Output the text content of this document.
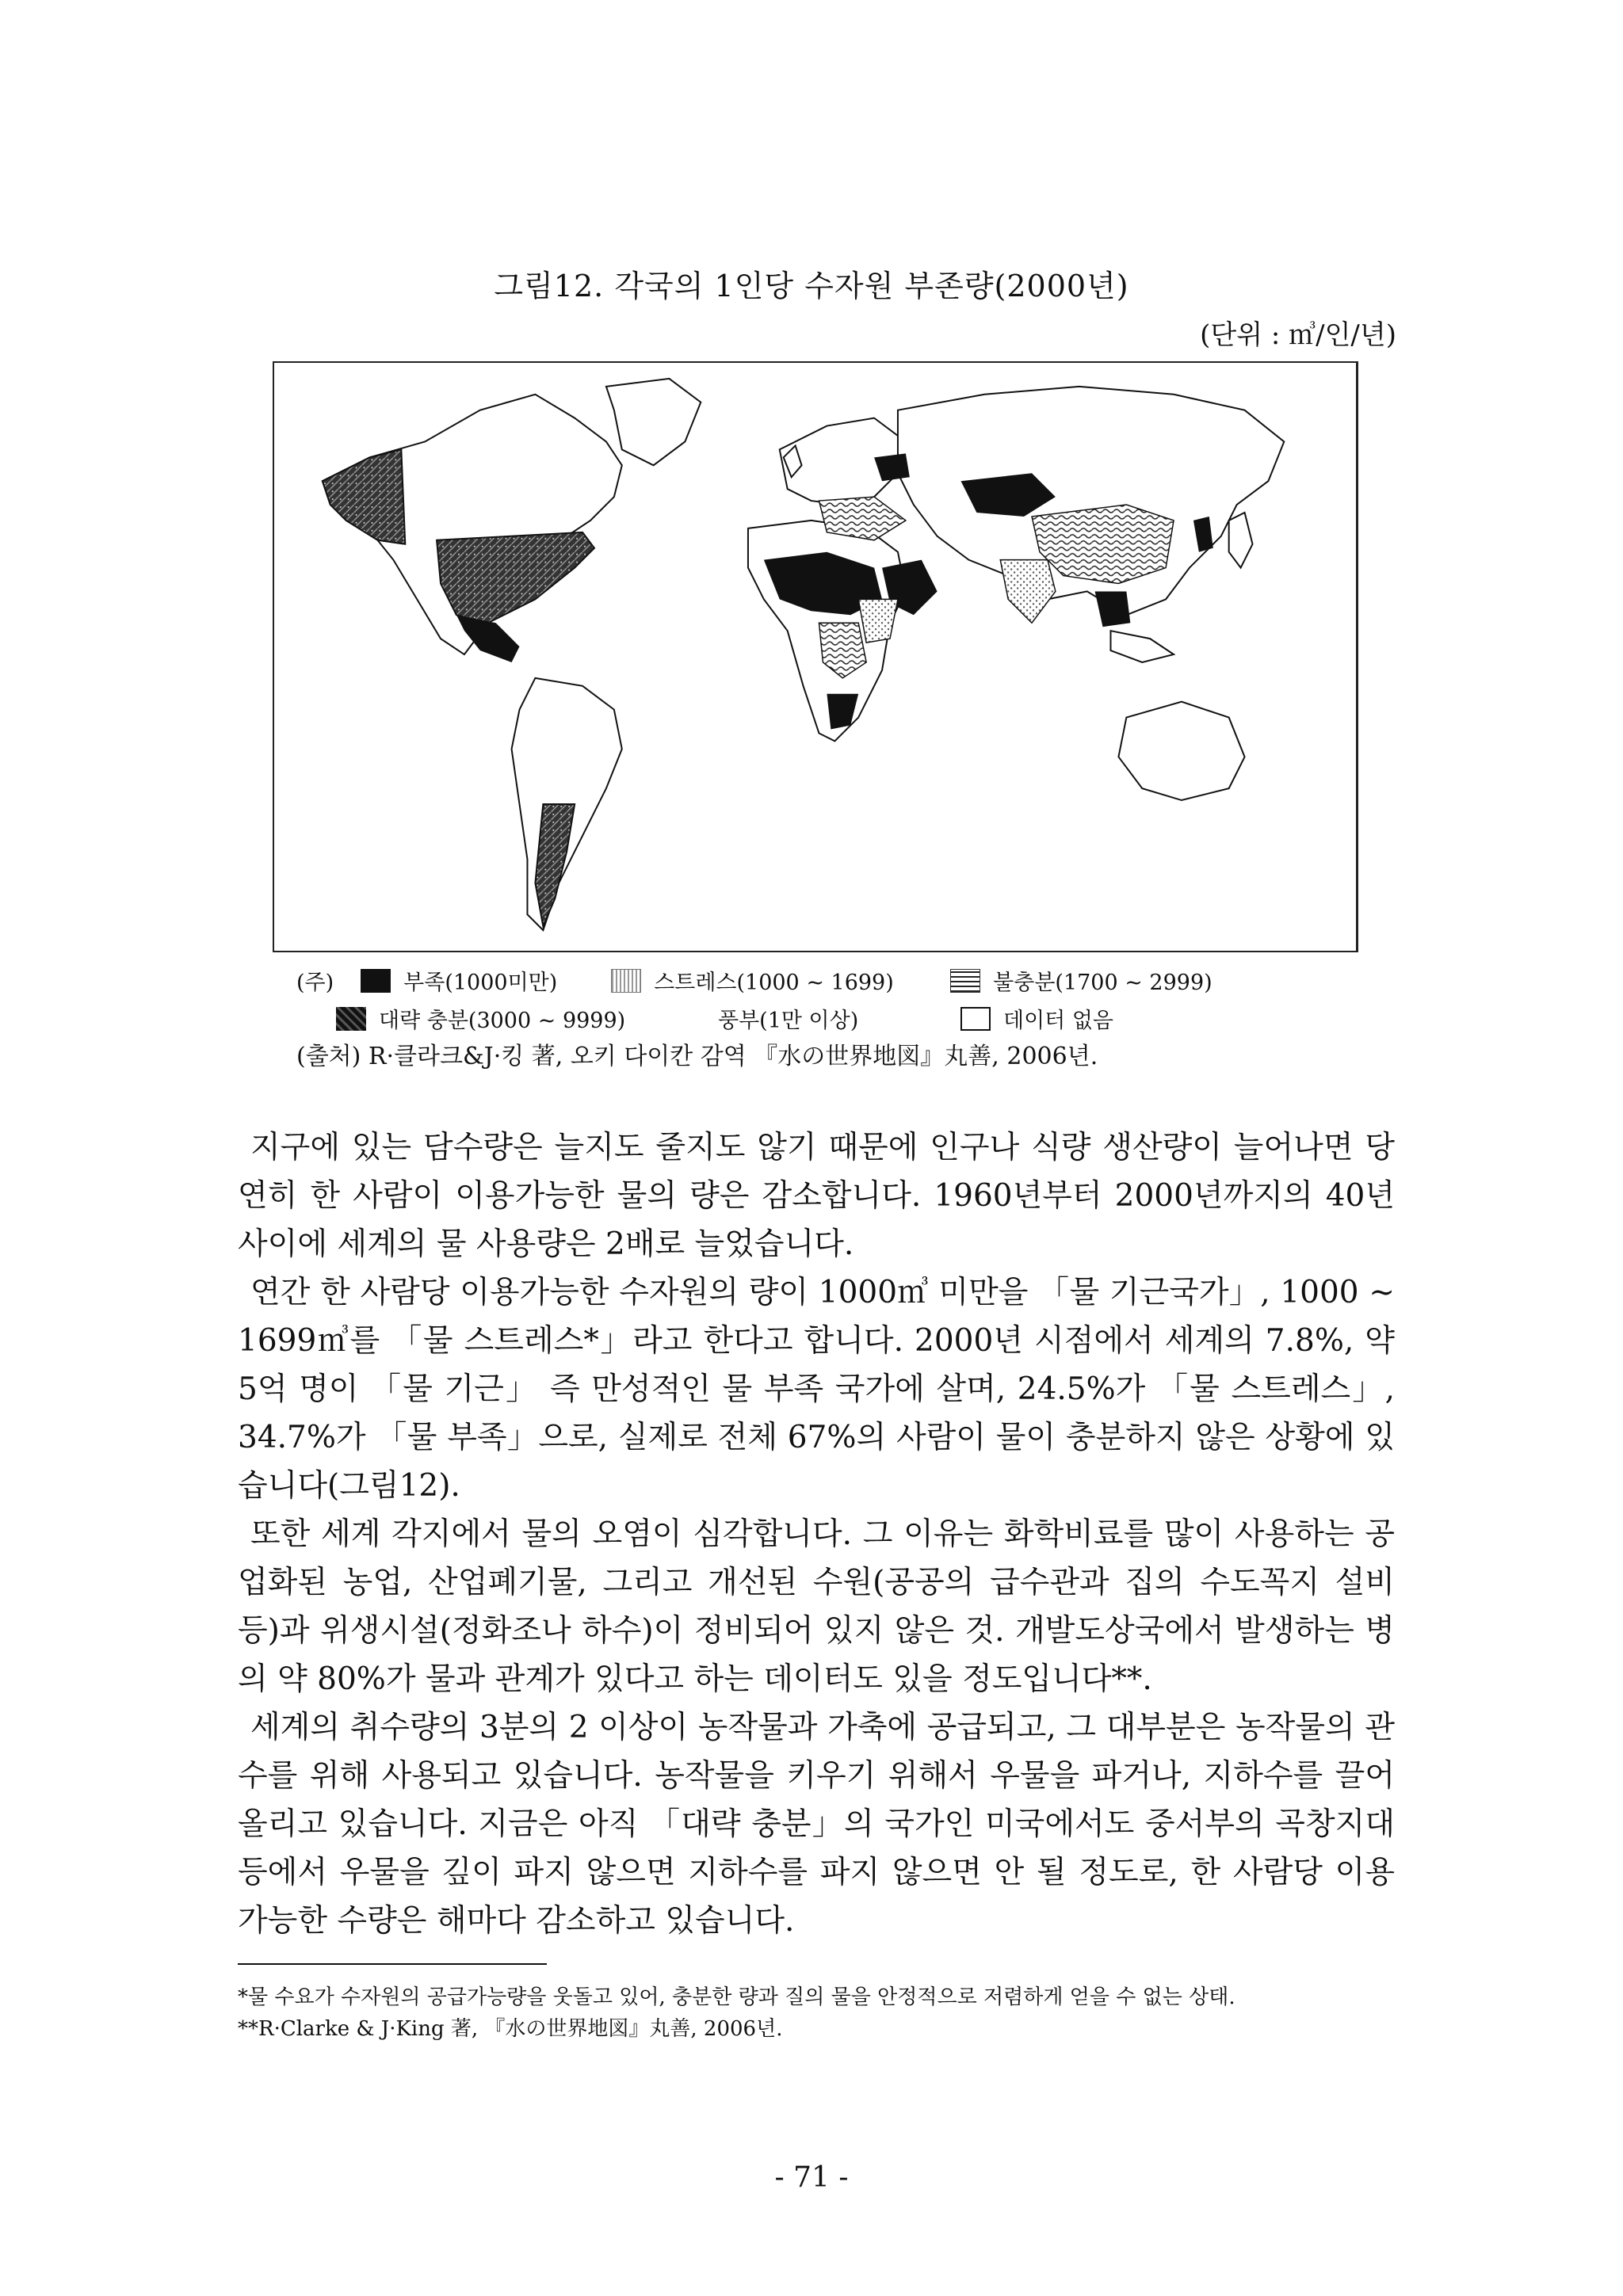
그림12. 각국의 1인당 수자원 부존량(2000년)
(단위 : ㎥/인/년)
(주)	부족(1000미만)	스트레스(1000 ~ 1699)	불충분(1700 ~ 2999)
대략 충분(3000 ~ 9999)	풍부(1만 이상)	데이터 없음
(출처) R·클라크&J·킹 著, 오키 다이칸 감역 『水の世界地図』丸善, 2006년.
지구에 있는 담수량은 늘지도 줄지도 않기 때문에 인구나 식량 생산량이 늘어나면 당연히 한 사람이 이용가능한 물의 량은 감소합니다. 1960년부터 2000년까지의 40년 사이에 세계의 물 사용량은 2배로 늘었습니다.
연간 한 사람당 이용가능한 수자원의 량이 1000㎥ 미만을 「물 기근국가」, 1000 ~ 1699㎥를 「물 스트레스*」라고 한다고 합니다. 2000년 시점에서 세계의 7.8%, 약 5억 명이 「물 기근」 즉 만성적인 물 부족 국가에 살며, 24.5%가 「물 스트레스」, 34.7%가 「물 부족」으로, 실제로 전체 67%의 사람이 물이 충분하지 않은 상황에 있습니다(그림12).
또한 세계 각지에서 물의 오염이 심각합니다. 그 이유는 화학비료를 많이 사용하는 공업화된 농업, 산업폐기물, 그리고 개선된 수원(공공의 급수관과 집의 수도꼭지 설비 등)과 위생시설(정화조나 하수)이 정비되어 있지 않은 것. 개발도상국에서 발생하는 병의 약 80%가 물과 관계가 있다고 하는 데이터도 있을 정도입니다**.
세계의 취수량의 3분의 2 이상이 농작물과 가축에 공급되고, 그 대부분은 농작물의 관수를 위해 사용되고 있습니다. 농작물을 키우기 위해서 우물을 파거나, 지하수를 끌어올리고 있습니다. 지금은 아직 「대략 충분」의 국가인 미국에서도 중서부의 곡창지대 등에서 우물을 깊이 파지 않으면 지하수를 파지 않으면 안 될 정도로, 한 사람당 이용 가능한 수량은 해마다 감소하고 있습니다.
*물 수요가 수자원의 공급가능량을 웃돌고 있어, 충분한 량과 질의 물을 안정적으로 저렴하게 얻을 수 없는 상태.
**R·Clarke & J·King 著, 『水の世界地図』丸善, 2006년.
- 71 -
